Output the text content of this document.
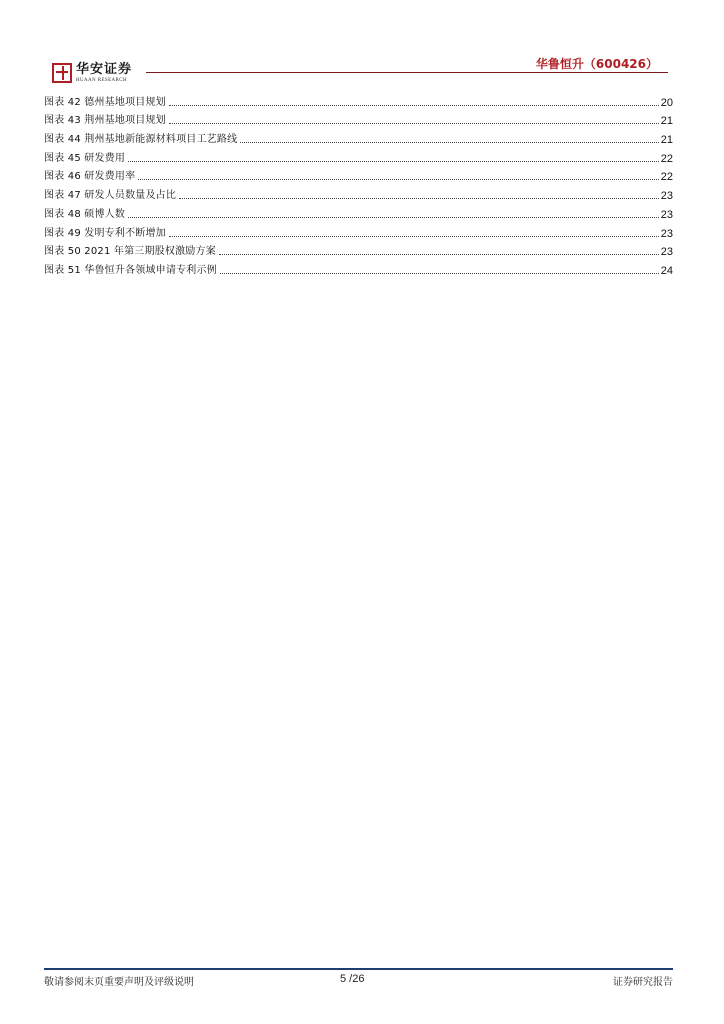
华安证券
HUAAN RESEARCH
华鲁恒升（600426）
图表 42 德州基地项目规划	20
图表 43 荆州基地项目规划	21
图表 44 荆州基地新能源材料项目工艺路线	21
图表 45 研发费用	22
图表 46 研发费用率	22
图表 47 研发人员数量及占比	23
图表 48 硕博人数	23
图表 49 发明专利不断增加	23
图表 50 2021 年第三期股权激励方案	23
图表 51 华鲁恒升各领域申请专利示例	24
敬请参阅末页重要声明及评级说明	5 /26	证券研究报告
